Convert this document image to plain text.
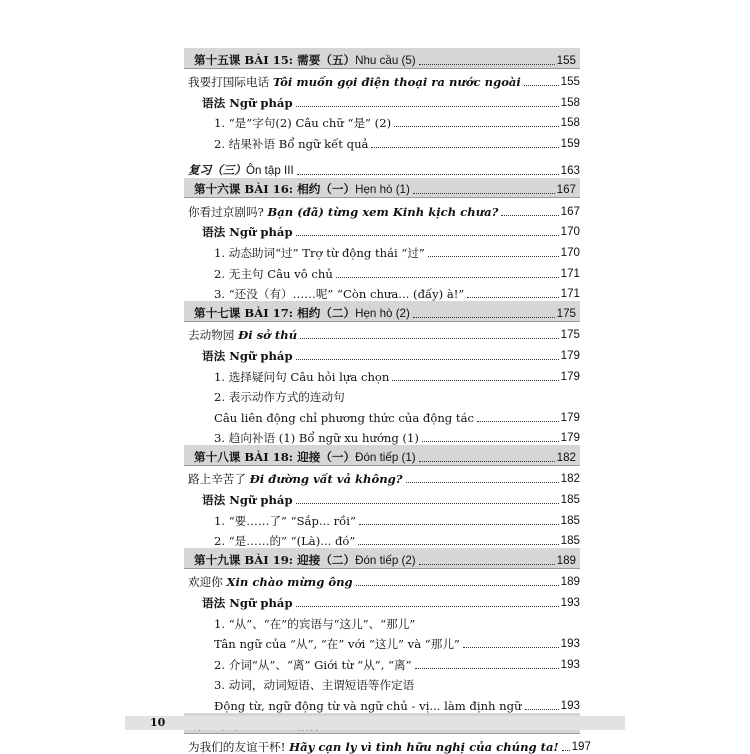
第十五课 BÀI 15: 需要（五）Nhu cầu (5)	155
我要打国际电话 Tôi muốn gọi điện thoại ra nước ngoài	155
语法 Ngữ pháp	158
1. “是”字句(2) Câu chữ “是” (2)	158
2. 结果补语 Bổ ngữ kết quả	159
复习（三）Ôn tập III	163
第十六课 BÀI 16: 相约（一）Hẹn hò (1)	167
你看过京剧吗? Bạn (đã) từng xem Kinh kịch chưa?	167
语法 Ngữ pháp	170
1. 动态助词“过” Trợ từ động thái “过”	170
2. 无主句 Câu vô chủ	171
3. “还没（有）……呢” “Còn chưa... (đấy) à!”	171
第十七课 BÀI 17: 相约（二）Hẹn hò (2)	175
去动物园 Đi sở thú	175
语法 Ngữ pháp	179
1. 选择疑问句 Câu hỏi lựa chọn	179
2. 表示动作方式的连动句
Câu liên động chỉ phương thức của động tác	179
3. 趋向补语 (1) Bổ ngữ xu hướng (1)	179
第十八课 BÀI 18: 迎接（一）Đón tiếp (1)	182
路上辛苦了 Đi đường vất vả không?	182
语法 Ngữ pháp	185
1. “要……了” “Sắp... rồi”	185
2. “是……的” “(Là)... đó”	185
第十九课 BÀI 19: 迎接（二）Đón tiếp (2)	189
欢迎你 Xin chào mừng ông	189
语法 Ngữ pháp	193
1. “从”、“在”的宾语与“这儿”、“那儿”
Tân ngữ của “从”, “在” với “这儿” và “那儿”	193
2. 介词“从”、“离” Giới từ “从”, “离”	193
3. 动词，动词短语、主谓短语等作定语
Động từ, ngữ động từ và ngữ chủ - vị... làm định ngữ	193
为我们的友谊干杯! Hãy cạn ly vì tình hữu nghị của chúng ta! 197
10
